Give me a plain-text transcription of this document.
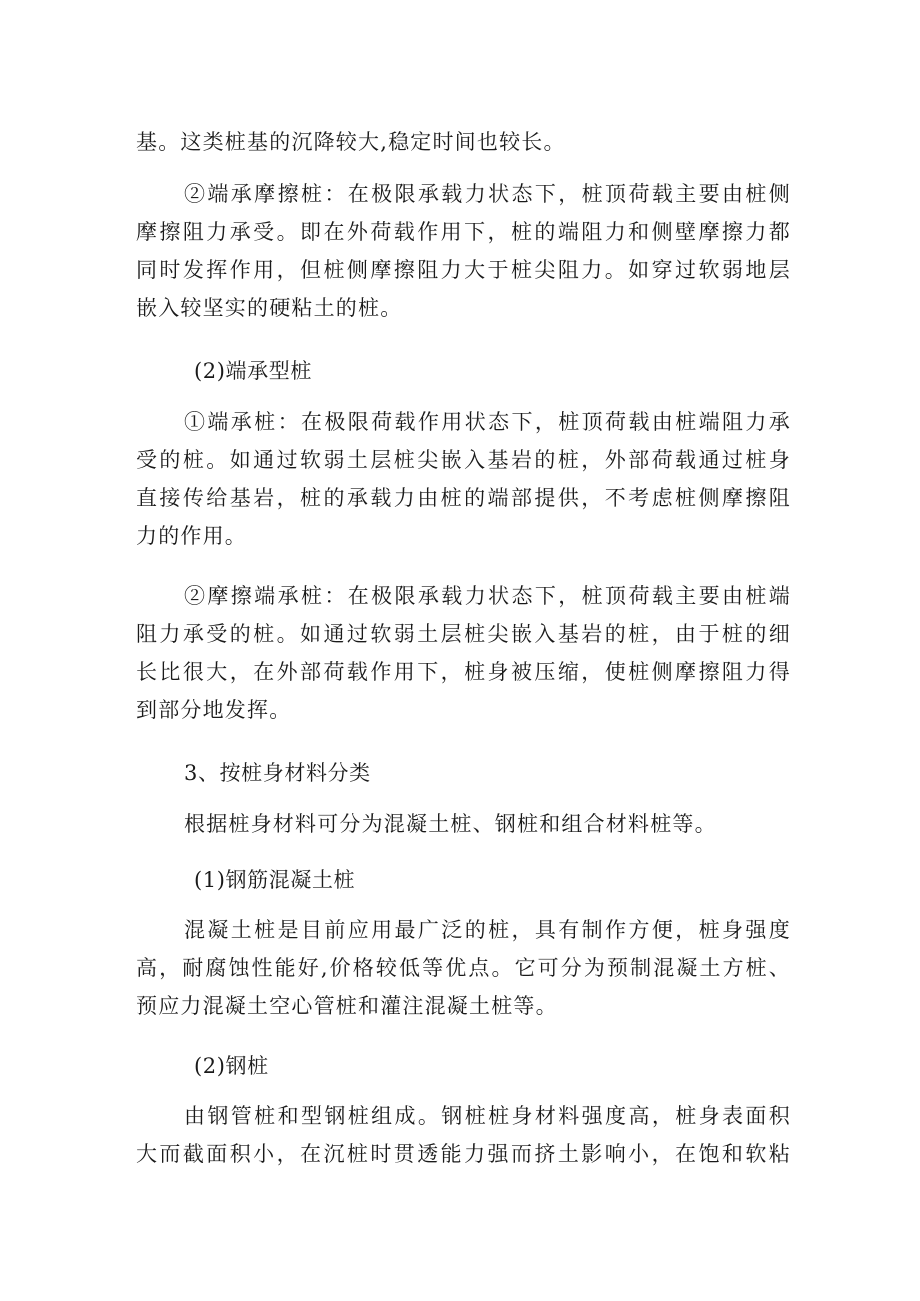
基。这类桩基的沉降较大,稳定时间也较长。
②端承摩擦桩：在极限承载力状态下，桩顶荷载主要由桩侧
摩擦阻力承受。即在外荷载作用下，桩的端阻力和侧壁摩擦力都
同时发挥作用，但桩侧摩擦阻力大于桩尖阻力。如穿过软弱地层
嵌入较坚实的硬粘土的桩。
(2)端承型桩
①端承桩：在极限荷载作用状态下，桩顶荷载由桩端阻力承
受的桩。如通过软弱土层桩尖嵌入基岩的桩，外部荷载通过桩身
直接传给基岩，桩的承载力由桩的端部提供，不考虑桩侧摩擦阻
力的作用。
②摩擦端承桩：在极限承载力状态下，桩顶荷载主要由桩端
阻力承受的桩。如通过软弱土层桩尖嵌入基岩的桩，由于桩的细
长比很大，在外部荷载作用下，桩身被压缩，使桩侧摩擦阻力得
到部分地发挥。
3、按桩身材料分类
根据桩身材料可分为混凝土桩、钢桩和组合材料桩等。
(1)钢筋混凝土桩
混凝土桩是目前应用最广泛的桩，具有制作方便，桩身强度
高，耐腐蚀性能好,价格较低等优点。它可分为预制混凝土方桩、
预应力混凝土空心管桩和灌注混凝土桩等。
(2)钢桩
由钢管桩和型钢桩组成。钢桩桩身材料强度高，桩身表面积
大而截面积小，在沉桩时贯透能力强而挤土影响小，在饱和软粘
